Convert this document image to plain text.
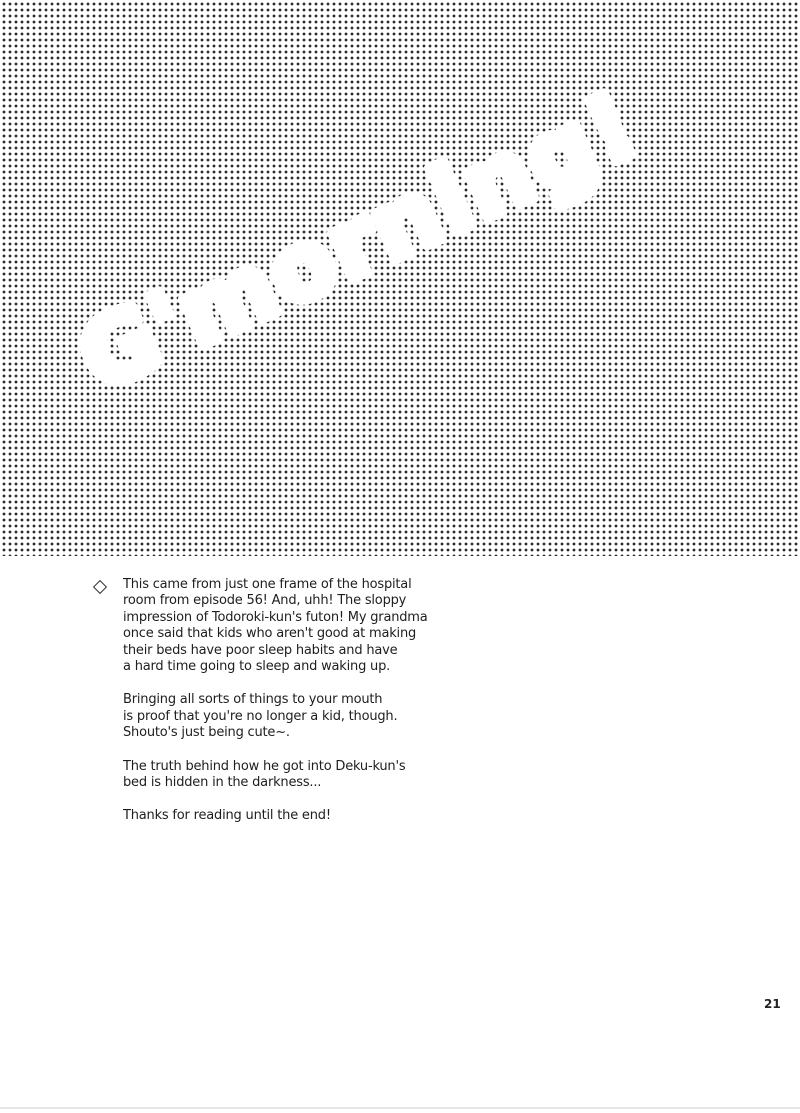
G'morning!

This came from just one frame of the hospital
room from episode 56! And, uhh! The sloppy
impression of Todoroki-kun's futon! My grandma
once said that kids who aren't good at making
their beds have poor sleep habits and have
a hard time going to sleep and waking up.

Bringing all sorts of things to your mouth
is proof that you're no longer a kid, though.
Shouto's just being cute~.

The truth behind how he got into Deku-kun's
bed is hidden in the darkness...

Thanks for reading until the end!

21
